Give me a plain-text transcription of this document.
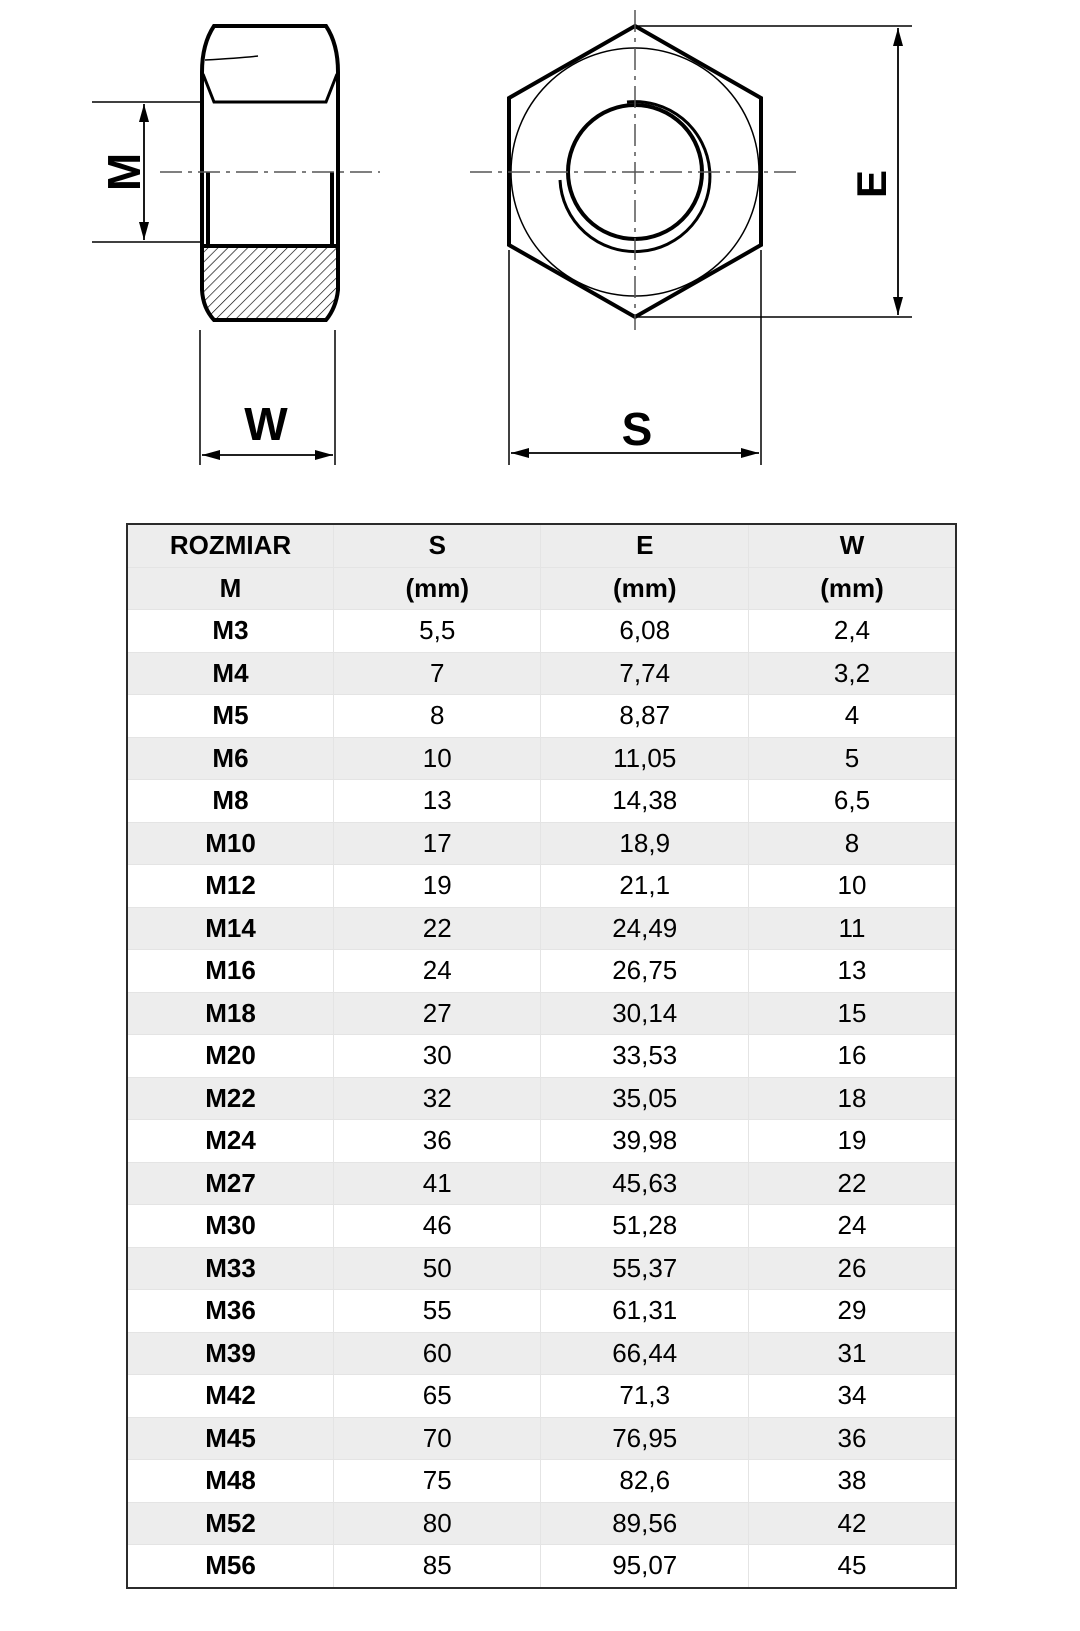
M
W
E
S
ROZMIAR	S	E	W
M	(mm)	(mm)	(mm)
M3	5,5	6,08	2,4
M4	7	7,74	3,2
M5	8	8,87	4
M6	10	11,05	5
M8	13	14,38	6,5
M10	17	18,9	8
M12	19	21,1	10
M14	22	24,49	11
M16	24	26,75	13
M18	27	30,14	15
M20	30	33,53	16
M22	32	35,05	18
M24	36	39,98	19
M27	41	45,63	22
M30	46	51,28	24
M33	50	55,37	26
M36	55	61,31	29
M39	60	66,44	31
M42	65	71,3	34
M45	70	76,95	36
M48	75	82,6	38
M52	80	89,56	42
M56	85	95,07	45
